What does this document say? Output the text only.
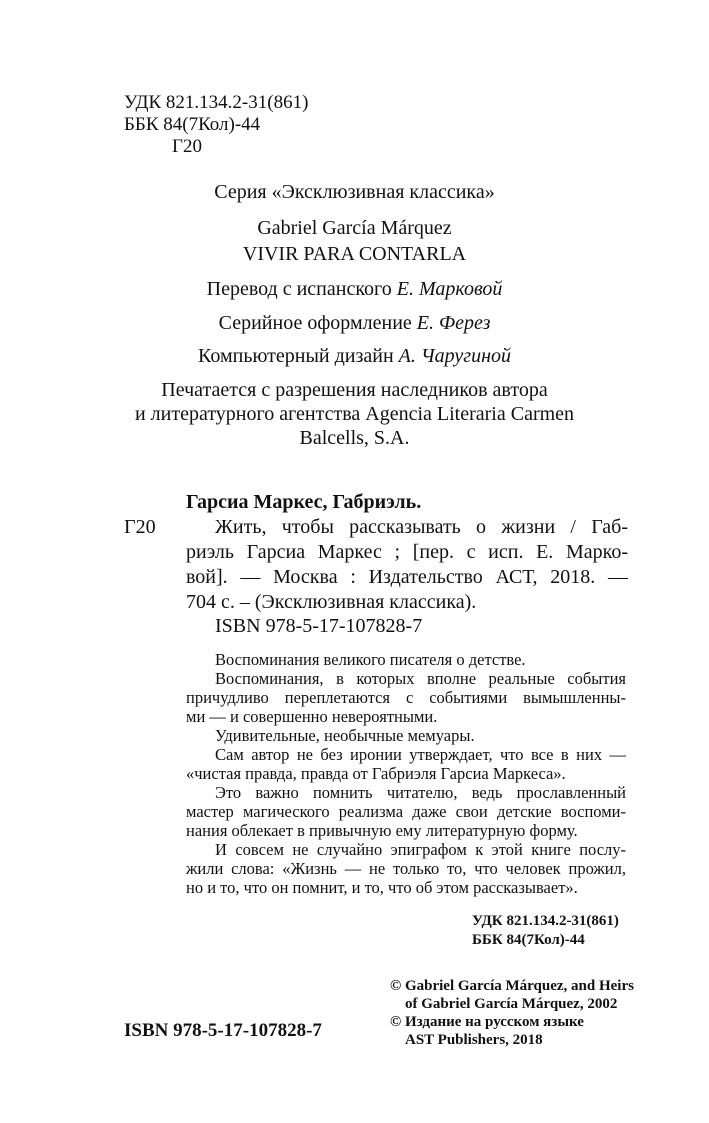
УДК 821.134.2-31(861)
ББК 84(7Кол)-44
Г20
Серия «Эксклюзивная классика»
Gabriel García Márquez
VIVIR PARA CONTARLA
Перевод с испанского Е. Марковой
Серийное оформление Е. Ферез
Компьютерный дизайн А. Чаругиной
Печатается с разрешения наследников автора
и литературного агентства Agencia Literaria Carmen
Balcells, S.A.
Гарсиа Маркес, Габриэль.
Г20	Жить, чтобы рассказывать о жизни / Габ-
риэль Гарсиа Маркес ; [пер. с исп. Е. Марко-
вой]. — Москва : Издательство АСТ, 2018. —
704 с. – (Эксклюзивная классика).
ISBN 978-5-17-107828-7
Воспоминания великого писателя о детстве.
Воспоминания, в которых вполне реальные события
причудливо переплетаются с событиями вымышленны-
ми — и совершенно невероятными.
Удивительные, необычные мемуары.
Сам автор не без иронии утверждает, что все в них —
«чистая правда, правда от Габриэля Гарсиа Маркеса».
Это важно помнить читателю, ведь прославленный
мастер магического реализма даже свои детские воспоми-
нания облекает в привычную ему литературную форму.
И совсем не случайно эпиграфом к этой книге послу-
жили слова: «Жизнь — не только то, что человек прожил,
но и то, что он помнит, и то, что об этом рассказывает».
УДК 821.134.2-31(861)
ББК 84(7Кол)-44
© Gabriel García Márquez, and Heirs
of Gabriel García Márquez, 2002
© Издание на русском языке
AST Publishers, 2018
ISBN 978-5-17-107828-7
